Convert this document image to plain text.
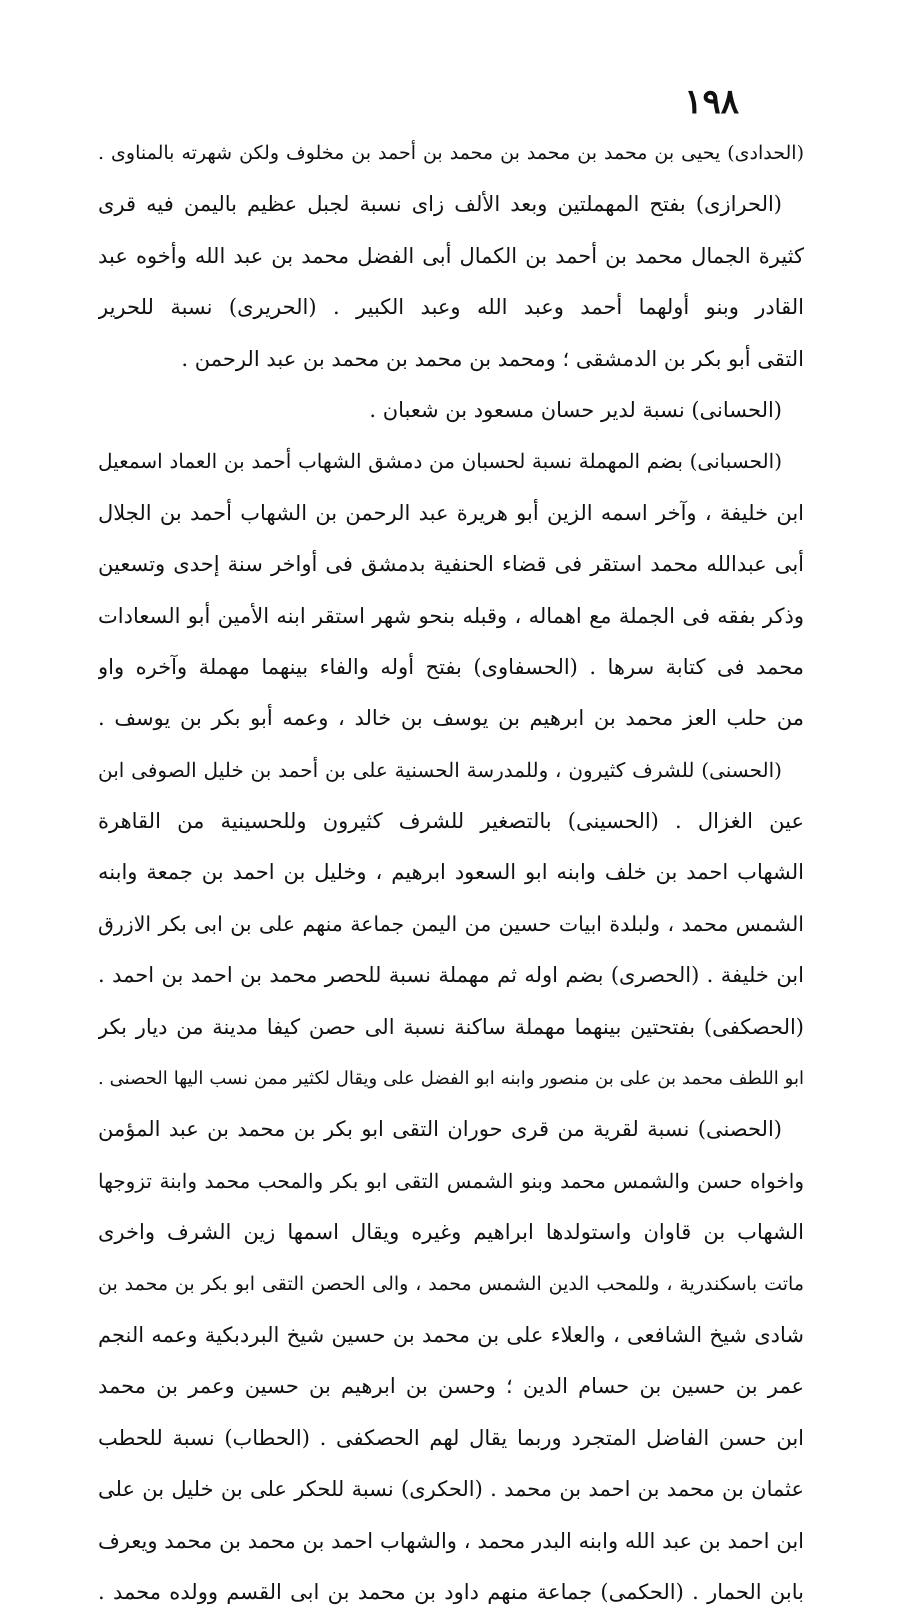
١٩٨
(الحدادى) يحيى بن محمد بن محمد بن محمد بن أحمد بن مخلوف ولكن شهرته بالمناوى .
(الحرازى) بفتح المهملتين وبعد الألف زاى نسبة لجبل عظيم باليمن فيه قرى
كثيرة الجمال محمد بن أحمد بن الكمال أبى الفضل محمد بن عبد الله وأخوه عبد
القادر وبنو أولهما أحمد وعبد الله وعبد الكبير . (الحريرى) نسبة للحرير
التقى أبو بكر بن الدمشقى ؛ ومحمد بن محمد بن محمد بن عبد الرحمن .
(الحسانى) نسبة لدير حسان مسعود بن شعبان .
(الحسبانى) بضم المهملة نسبة لحسبان من دمشق الشهاب أحمد بن العماد اسمعيل
ابن خليفة ، وآخر اسمه الزين أبو هريرة عبد الرحمن بن الشهاب أحمد بن الجلال
أبى عبدالله محمد استقر فى قضاء الحنفية بدمشق فى أواخر سنة إحدى وتسعين
وذكر بفقه فى الجملة مع اهماله ، وقبله بنحو شهر استقر ابنه الأمين أبو السعادات
محمد فى كتابة سرها . (الحسفاوى) بفتح أوله والفاء بينهما مهملة وآخره واو
من حلب العز محمد بن ابرهيم بن يوسف بن خالد ، وعمه أبو بكر بن يوسف .
(الحسنى) للشرف كثيرون ، وللمدرسة الحسنية على بن أحمد بن خليل الصوفى ابن
عين الغزال . (الحسينى) بالتصغير للشرف كثيرون وللحسينية من القاهرة
الشهاب احمد بن خلف وابنه ابو السعود ابرهيم ، وخليل بن احمد بن جمعة وابنه
الشمس محمد ، ولبلدة ابيات حسين من اليمن جماعة منهم على بن ابى بكر الازرق
ابن خليفة . (الحصرى) بضم اوله ثم مهملة نسبة للحصر محمد بن احمد بن احمد .
(الحصكفى) بفتحتين بينهما مهملة ساكنة نسبة الى حصن كيفا مدينة من ديار بكر
ابو اللطف محمد بن على بن منصور وابنه ابو الفضل على ويقال لكثير ممن نسب اليها الحصنى .
(الحصنى) نسبة لقرية من قرى حوران التقى ابو بكر بن محمد بن عبد المؤمن
واخواه حسن والشمس محمد وبنو الشمس التقى ابو بكر والمحب محمد وابنة تزوجها
الشهاب بن قاوان واستولدها ابراهيم وغيره ويقال اسمها زين الشرف واخرى
ماتت باسكندرية ، وللمحب الدين الشمس محمد ، والى الحصن التقى ابو بكر بن محمد بن
شادى شيخ الشافعى ، والعلاء على بن محمد بن حسين شيخ البردبكية وعمه النجم
عمر بن حسين بن حسام الدين ؛ وحسن بن ابرهيم بن حسين وعمر بن محمد
ابن حسن الفاضل المتجرد وربما يقال لهم الحصكفى . (الحطاب) نسبة للحطب
عثمان بن محمد بن احمد بن محمد . (الحكرى) نسبة للحكر على بن خليل بن على
ابن احمد بن عبد الله وابنه البدر محمد ، والشهاب احمد بن محمد بن محمد ويعرف
بابن الحمار . (الحكمى) جماعة منهم داود بن محمد بن ابى القسم وولده محمد .
